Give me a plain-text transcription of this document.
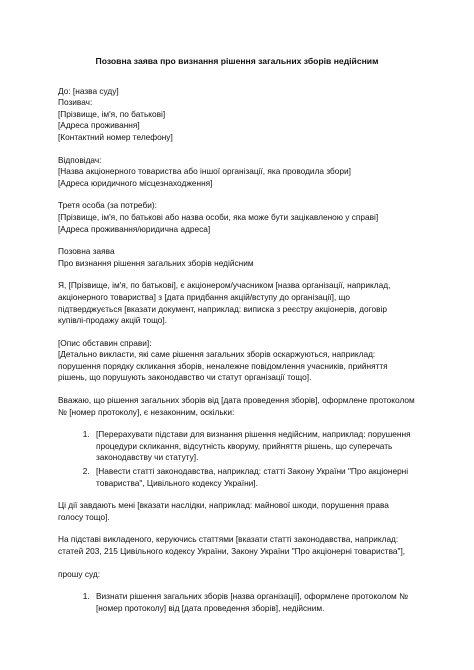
Позовна заява про визнання рішення загальних зборів недійсним
До: [назва суду]
Позивач:
[Прізвище, ім'я, по батькові]
[Адреса проживання]
[Контактний номер телефону]
Відповідач:
[Назва акціонерного товариства або іншої організації, яка проводила збори]
[Адреса юридичного місцезнаходження]
Третя особа (за потреби):
[Прізвище, ім'я, по батькові або назва особи, яка може бути зацікавленою у справі]
[Адреса проживання/юридична адреса]
Позовна заява
Про визнання рішення загальних зборів недійсним

Я, [Прізвище, ім'я, по батькові], є акціонером/учасником [назва організації, наприклад, акціонерного товариства] з [дата придбання акцій/вступу до організації], що підтверджується [вказати документ, наприклад: виписка з реєстру акціонерів, договір купівлі-продажу акцій тощо].

[Опис обставин справи]:
[Детально викласти, які саме рішення загальних зборів оскаржуються, наприклад: порушення порядку скликання зборів, неналежне повідомлення учасників, прийняття рішень, що порушують законодавство чи статут організації тощо].

Вважаю, що рішення загальних зборів від [дата проведення зборів], оформлене протоколом № [номер протоколу], є незаконним, оскільки:

1. [Перерахувати підстави для визнання рішення недійсним, наприклад: порушення процедури скликання, відсутність кворуму, прийняття рішень, що суперечать законодавству чи статуту].
2. [Навести статті законодавства, наприклад: статті Закону України "Про акціонерні товариства", Цивільного кодексу України].

Ці дії завдають мені [вказати наслідки, наприклад: майнової шкоди, порушення права голосу тощо].

На підставі викладеного, керуючись статтями [вказати статті законодавства, наприклад: статей 203, 215 Цивільного кодексу України, Закону України "Про акціонерні товариства"],

прошу суд:

1. Визнати рішення загальних зборів [назва організації], оформлене протоколом № [номер протоколу] від [дата проведення зборів], недійсним.
